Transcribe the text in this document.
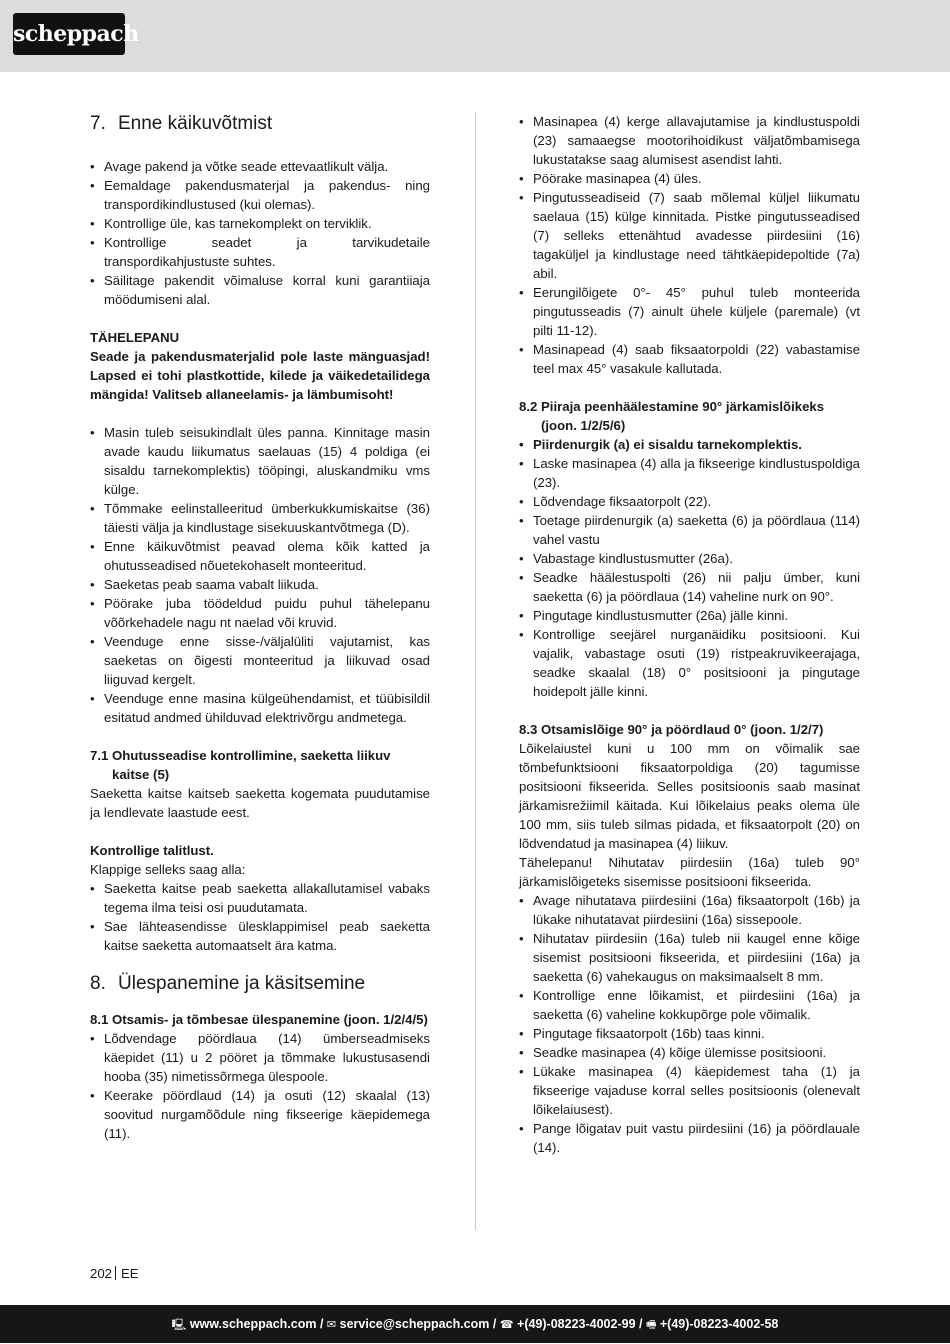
scheppach
7. Enne käikuvõtmist
• Avage pakend ja võtke seade ettevaatlikult välja.
• Eemaldage pakendusmaterjal ja pakendus- ning transpordikindlustused (kui olemas).
• Kontrollige üle, kas tarnekomplekt on terviklik.
• Kontrollige seadet ja tarvikudetaile transpordikahjustuste suhtes.
• Säilitage pakendit võimaluse korral kuni garantiiaja möödumiseni alal.

TÄHELEPANU

Seade ja pakendusmaterjalid pole laste mänguasjad! Lapsed ei tohi plastkottide, kilede ja väikedetailidega mängida! Valitseb allaneelamis- ja lämbumisoht!

• Masin tuleb seisukindlalt üles panna. Kinnitage masin avade kaudu liikumatus saelauas (15) 4 poldiga (ei sisaldu tarnekomplektis) tööpingi, aluskandmiku vms külge.
• Tõmmake eelinstalleeritud ümberkukkumiskaitse (36) täiesti välja ja kindlustage sisekuuskantvõtmega (D).
• Enne käikuvõtmist peavad olema kõik katted ja ohutusseadised nõuetekohaselt monteeritud.
• Saeketas peab saama vabalt liikuda.
• Pöörake juba töödeldud puidu puhul tähelepanu võõrkehadele nagu nt naelad või kruvid.
• Veenduge enne sisse-/väljalüliti vajutamist, kas saeketas on õigesti monteeritud ja liikuvad osad liiguvad kergelt.
• Veenduge enne masina külgeühendamist, et tüübisildil esitatud andmed ühilduvad elektrivõrgu andmetega.

7.1 Ohutusseadise kontrollimine, saeketta liikuv kaitse (5)

Saeketta kaitse kaitseb saeketta kogemata puudutamise ja lendlevate laastude eest.

Kontrollige talitlust.

Klappige selleks saag alla:

• Saeketta kaitse peab saeketta allakallutamisel vabaks tegema ilma teisi osi puudutamata.
• Sae lähteasendisse ülesklappimisel peab saeketta kaitse saeketta automaatselt ära katma.
8. Ülespanemine ja käsitsemine

8.1 Otsamis- ja tõmbesae ülespanemine (joon. 1/2/4/5)

• Lõdvendage pöördlaua (14) ümberseadmiseks käepidet (11) u 2 pööret ja tõmmake lukustusasendi hooba (35) nimetissõrmega ülespoole.
• Keerake pöördlaud (14) ja osuti (12) skaalal (13) soovitud nurgamõõdule ning fikseerige käepidemega (11).
• Masinapea (4) kerge allavajutamise ja kindlustuspoldi (23) samaaegse mootorihoidikust väljatõmbamisega lukustatakse saag alumisest asendist lahti.
• Pöörake masinapea (4) üles.
• Pingutusseadiseid (7) saab mõlemal küljel liikumatu saelaua (15) külge kinnitada. Pistke pingutusseadised (7) selleks ettenähtud avadesse piirdesiini (16) tagaküljel ja kindlustage need tähtkäepidepoltide (7a) abil.
• Eerungilõigete 0°- 45° puhul tuleb monteerida pingutusseadis (7) ainult ühele küljele (paremale) (vt pilti 11-12).
• Masinapead (4) saab fiksaatorpoldi (22) vabastamise teel max 45° vasakule kallutada.

8.2 Piiraja peenhäälestamine 90° järkamislõikeks (joon. 1/2/5/6)

• Piirdenurgik (a) ei sisaldu tarnekomplektis.
• Laske masinapea (4) alla ja fikseerige kindlustuspoldiga (23).
• Lõdvendage fiksaatorpolt (22).
• Toetage piirdenurgik (a) saeketta (6) ja pöördlaua (114) vahel vastu
• Vabastage kindlustusmutter (26a).
• Seadke häälestuspolti (26) nii palju ümber, kuni saeketta (6) ja pöördlaua (14) vaheline nurk on 90°.
• Pingutage kindlustusmutter (26a) jälle kinni.
• Kontrollige seejärel nurganäidiku positsiooni. Kui vajalik, vabastage osuti (19) ristpeakruvikeerajaga, seadke skaalal (18) 0° positsiooni ja pingutage hoidepolt jälle kinni.

8.3 Otsamislõige 90° ja pöördlaud 0° (joon. 1/2/7)

Lõikelaiustel kuni u 100 mm on võimalik sae tõmbefunktsiooni fiksaatorpoldiga (20) tagumisse positsiooni fikseerida. Selles positsioonis saab masinat järkamisrežiimil käitada. Kui lõikelaius peaks olema üle 100 mm, siis tuleb silmas pidada, et fiksaatorpolt (20) on lõdvendatud ja masinapea (4) liikuv.

Tähelepanu! Nihutatav piirdesiin (16a) tuleb 90° järkamislõigeteks sisemisse positsiooni fikseerida.

• Avage nihutatava piirdesiini (16a) fiksaatorpolt (16b) ja lükake nihutatavat piirdesiini (16a) sissepoole.
• Nihutatav piirdesiin (16a) tuleb nii kaugel enne kõige sisemist positsiooni fikseerida, et piirdesiini (16a) ja saeketta (6) vahekaugus on maksimaalselt 8 mm.
• Kontrollige enne lõikamist, et piirdesiini (16a) ja saeketta (6) vaheline kokkupõrge pole võimalik.
• Pingutage fiksaatorpolt (16b) taas kinni.
• Seadke masinapea (4) kõige ülemisse positsiooni.
• Lükake masinapea (4) käepidemest taha (1) ja fikseerige vajaduse korral selles positsioonis (olenevalt lõikelaiusest).
• Pange lõigatav puit vastu piirdesiini (16) ja pöördlauale (14).
202 EE
🖳︎ www.scheppach.com / ✉︎ service@scheppach.com / ☎︎ +(49)-08223-4002-99 / 🖷︎ +(49)-08223-4002-58
